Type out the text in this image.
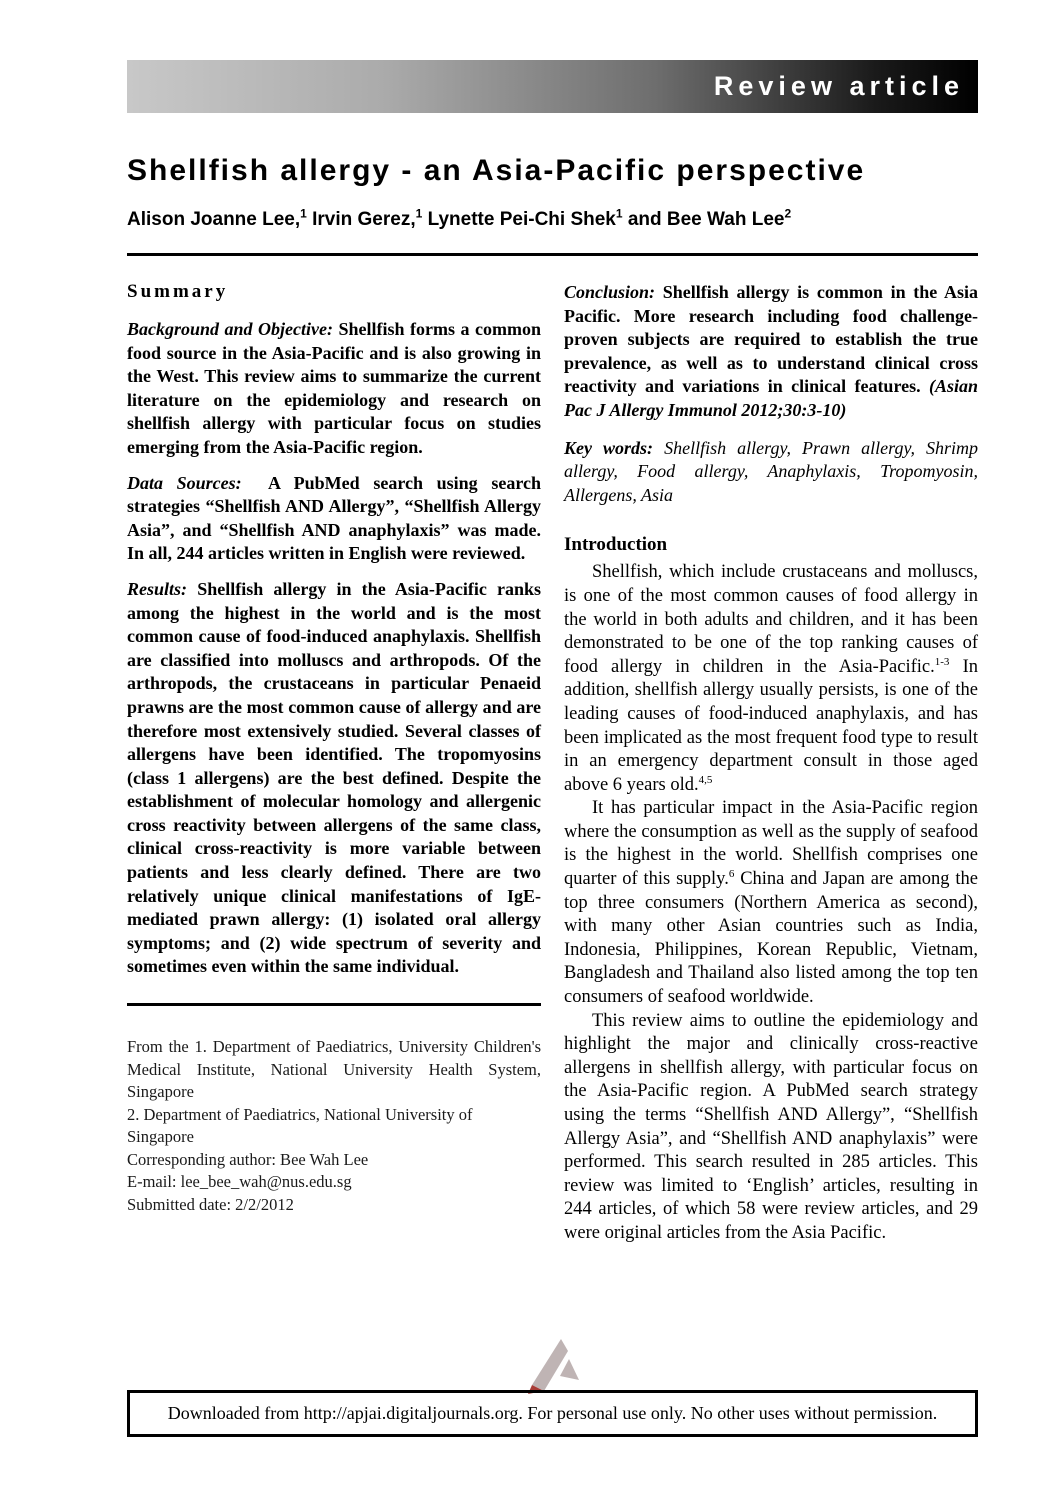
Review article
Shellfish allergy - an Asia-Pacific perspective
Alison Joanne Lee,$^1$ Irvin Gerez,$^1$ Lynette Pei-Chi Shek$^1$ and Bee Wah Lee$^2$
Summary

Background and Objective: Shellfish forms a common food source in the Asia-Pacific and is also growing in the West. This review aims to summarize the current literature on the epidemiology and research on shellfish allergy with particular focus on studies emerging from the Asia-Pacific region.

Data Sources: A PubMed search using search strategies “Shellfish AND Allergy”, “Shellfish Allergy Asia”, and “Shellfish AND anaphylaxis” was made. In all, 244 articles written in English were reviewed.

Results: Shellfish allergy in the Asia-Pacific ranks among the highest in the world and is the most common cause of food-induced anaphylaxis. Shellfish are classified into molluscs and arthropods. Of the arthropods, the crustaceans in particular Penaeid prawns are the most common cause of allergy and are therefore most extensively studied. Several classes of allergens have been identified. The tropomyosins (class 1 allergens) are the best defined. Despite the establishment of molecular homology and allergenic cross reactivity between allergens of the same class, clinical cross-reactivity is more variable between patients and less clearly defined. There are two relatively unique clinical manifestations of IgE-mediated prawn allergy: (1) isolated oral allergy symptoms; and (2) wide spectrum of severity and sometimes even within the same individual.

From the 1. Department of Paediatrics, University Children's Medical Institute, National University Health System, Singapore

2. Department of Paediatrics, National University of Singapore

Corresponding author: Bee Wah Lee

E-mail: lee_bee_wah@nus.edu.sg

Submitted date: 2/2/2012

Conclusion: Shellfish allergy is common in the Asia Pacific. More research including food challenge-proven subjects are required to establish the true prevalence, as well as to understand clinical cross reactivity and variations in clinical features. (Asian Pac J Allergy Immunol 2012;30:3-10)

Key words: Shellfish allergy, Prawn allergy, Shrimp allergy, Food allergy, Anaphylaxis, Tropomyosin, Allergens, Asia

Introduction

Shellfish, which include crustaceans and molluscs, is one of the most common causes of food allergy in the world in both adults and children, and it has been demonstrated to be one of the top ranking causes of food allergy in children in the Asia-Pacific.$^{1-3}$ In addition, shellfish allergy usually persists, is one of the leading causes of food-induced anaphylaxis, and has been implicated as the most frequent food type to result in an emergency department consult in those aged above 6 years old.$^{4,5}$

It has particular impact in the Asia-Pacific region where the consumption as well as the supply of seafood is the highest in the world. Shellfish comprises one quarter of this supply.$^6$ China and Japan are among the top three consumers (Northern America as second), with many other Asian countries such as India, Indonesia, Philippines, Korean Republic, Vietnam, Bangladesh and Thailand also listed among the top ten consumers of seafood worldwide.

This review aims to outline the epidemiology and highlight the major and clinically cross-reactive allergens in shellfish allergy, with particular focus on the Asia-Pacific region. A PubMed search strategy using the terms “Shellfish AND Allergy”, “Shellfish Allergy Asia”, and “Shellfish AND anaphylaxis” were performed. This search resulted in 285 articles. This review was limited to ‘English’ articles, resulting in 244 articles, of which 58 were review articles, and 29 were original articles from the Asia Pacific.

Downloaded from http://apjai.digitaljournals.org. For personal use only. No other uses without permission.
